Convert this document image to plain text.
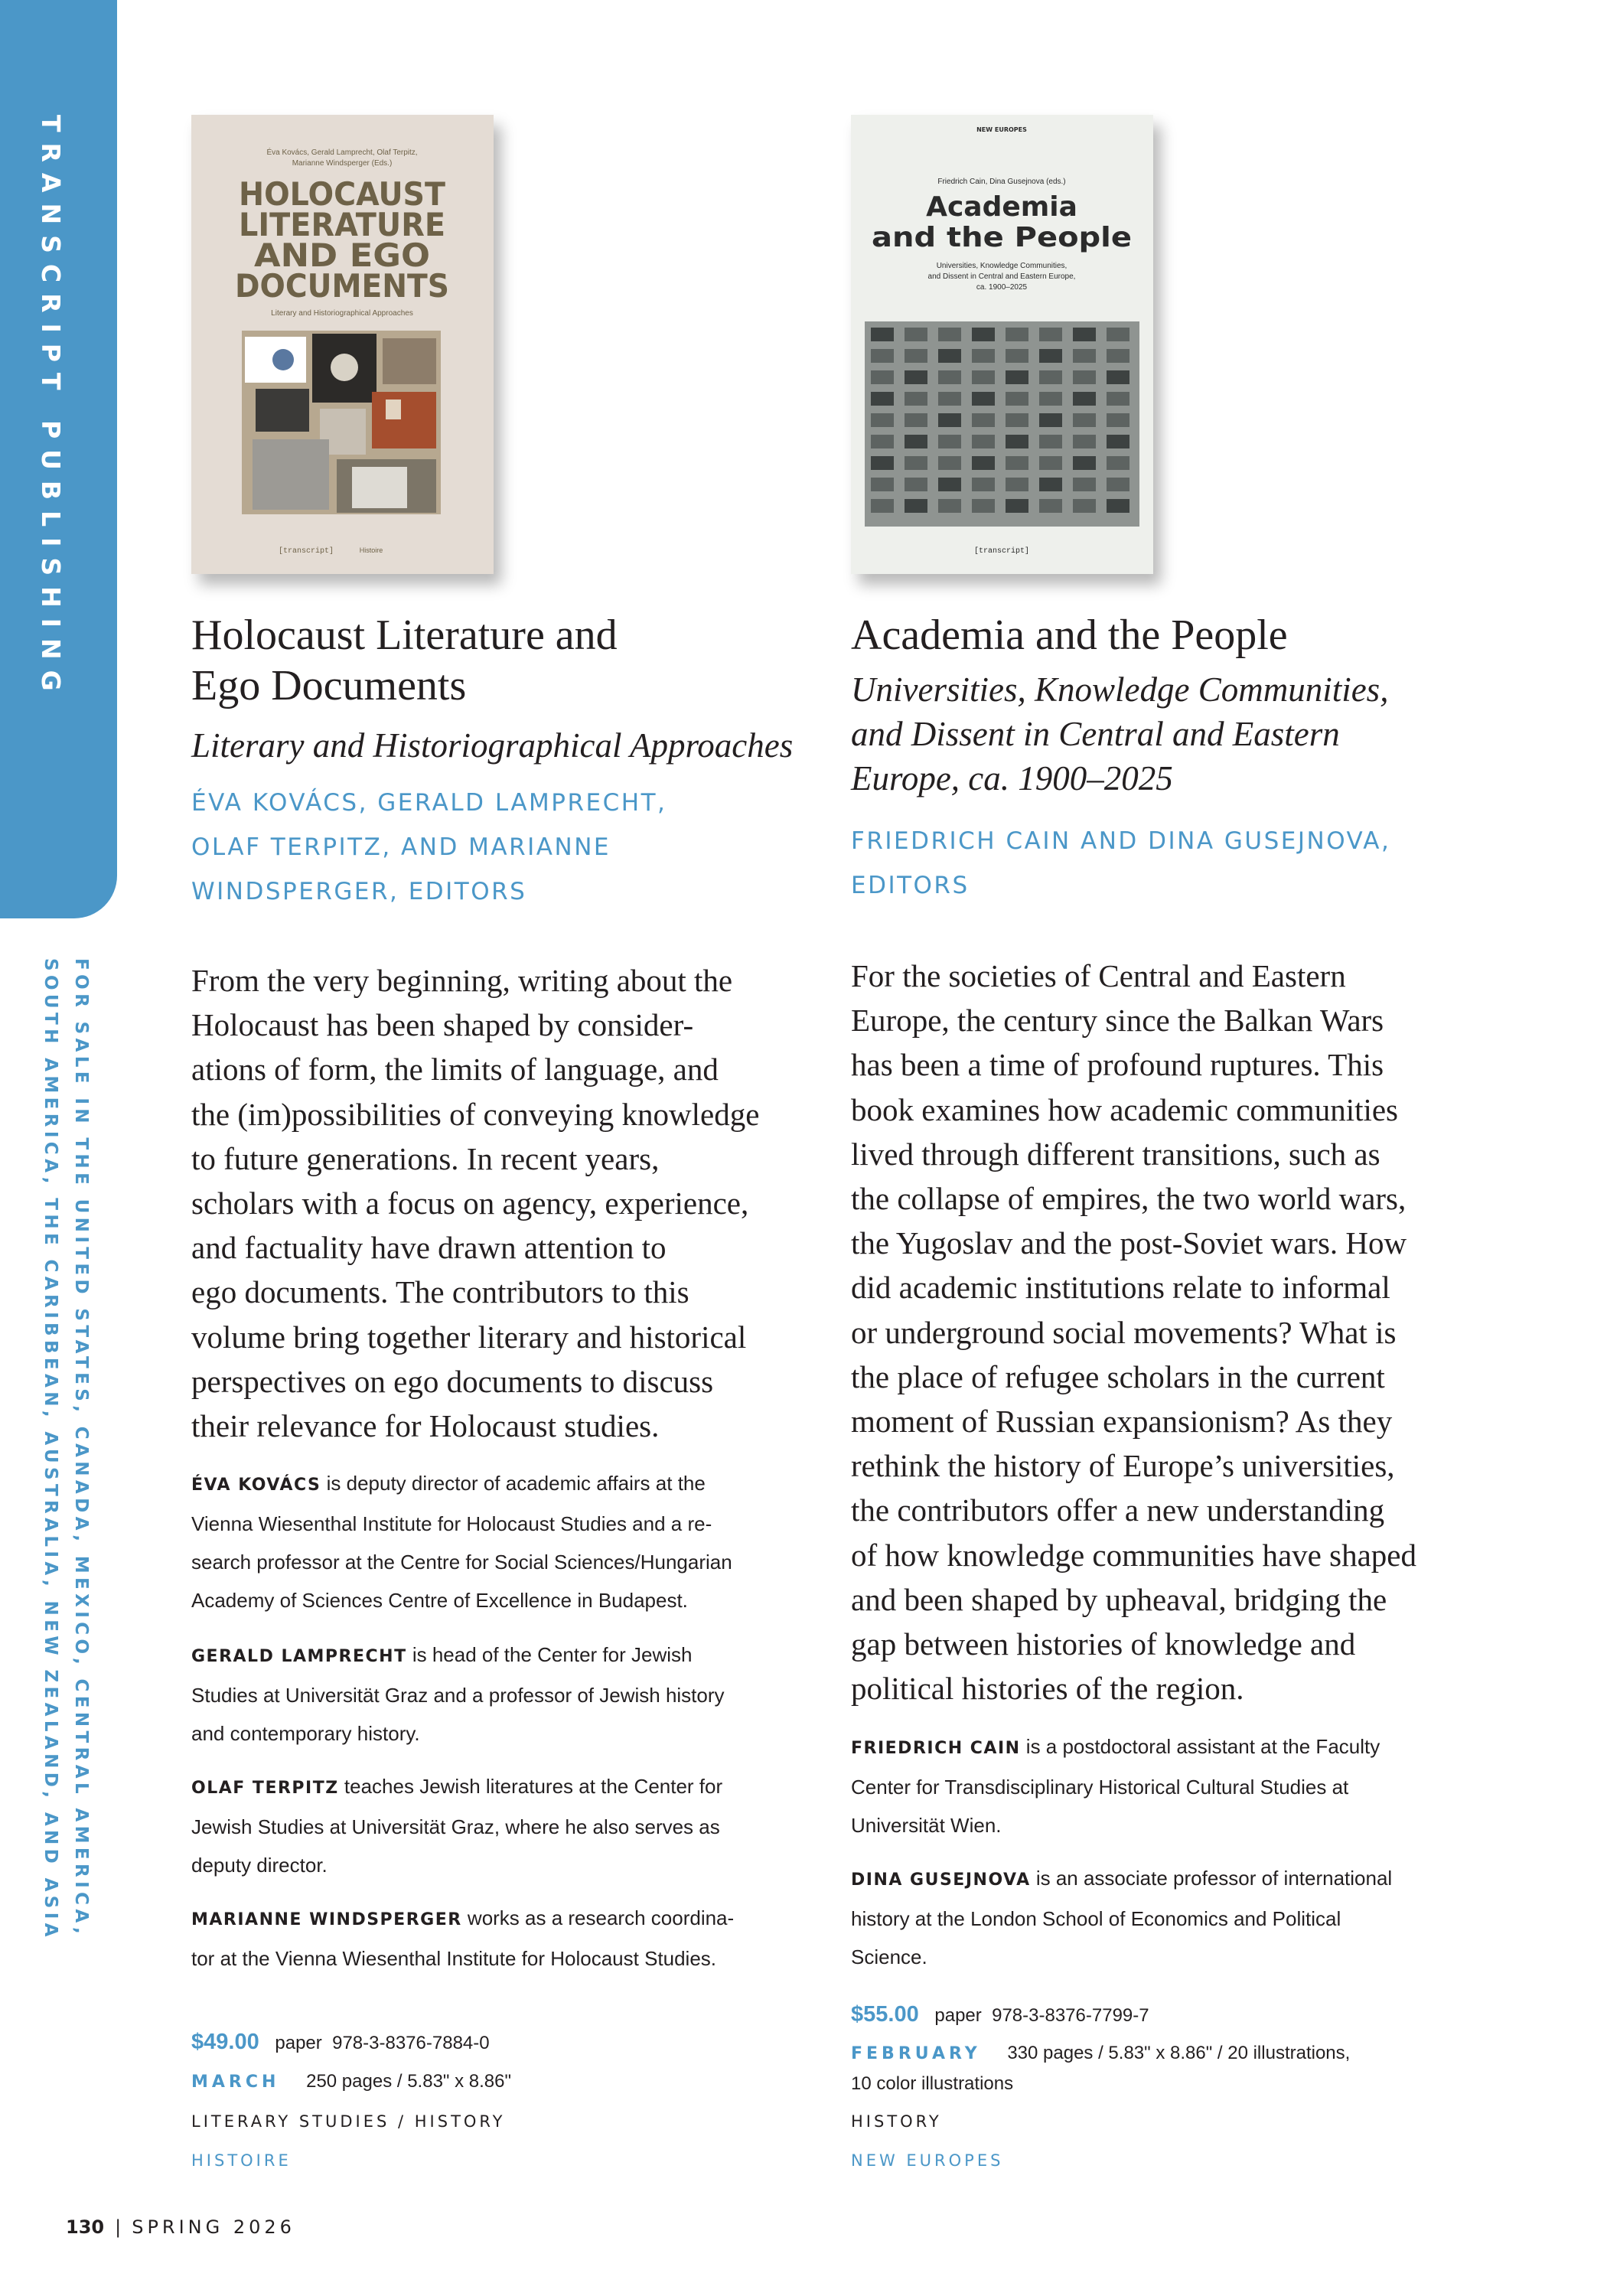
TRANSCRIPT PUBLISHING
FOR SALE IN THE UNITED STATES, CANADA, MEXICO, CENTRAL AMERICA,
SOUTH AMERICA, THE CARIBBEAN, AUSTRALIA, NEW ZEALAND, AND ASIA
Éva Kovács, Gerald Lamprecht, Olaf Terpitz,
Marianne Windsperger (Eds.)
HOLOCAUST
LITERATURE
AND EGO
DOCUMENTS
Literary and Historiographical Approaches
[transcript]	Histoire
Holocaust Literature and
Ego Documents
Literary and Historiographical Approaches
ÉVA KOVÁCS, GERALD LAMPRECHT,
OLAF TERPITZ, AND MARIANNE
WINDSPERGER, EDITORS
From the very beginning, writing about the
Holocaust has been shaped by consider-
ations of form, the limits of language, and
the (im)possibilities of conveying knowledge
to future generations. In recent years,
scholars with a focus on agency, experience,
and factuality have drawn attention to
ego documents. The contributors to this
volume bring together literary and historical
perspectives on ego documents to discuss
their relevance for Holocaust studies.
ÉVA KOVÁCS is deputy director of academic affairs at the
Vienna Wiesenthal Institute for Holocaust Studies and a re-
search professor at the Centre for Social Sciences/Hungarian
Academy of Sciences Centre of Excellence in Budapest.
GERALD LAMPRECHT is head of the Center for Jewish
Studies at Universität Graz and a professor of Jewish history
and contemporary history.
OLAF TERPITZ teaches Jewish literatures at the Center for
Jewish Studies at Universität Graz, where he also serves as
deputy director.
MARIANNE WINDSPERGER works as a research coordina-
tor at the Vienna Wiesenthal Institute for Holocaust Studies.
$49.00 paper 978-3-8376-7884-0
MARCH 250 pages / 5.83" x 8.86"
LITERARY STUDIES / HISTORY
HISTOIRE
NEW EUROPES
Friedrich Cain, Dina Gusejnova (eds.)
Academia
and the People
Universities, Knowledge Communities,
and Dissent in Central and Eastern Europe,
ca. 1900–2025
[transcript]
Academia and the People
Universities, Knowledge Communities,
and Dissent in Central and Eastern
Europe, ca. 1900–2025
FRIEDRICH CAIN AND DINA GUSEJNOVA,
EDITORS
For the societies of Central and Eastern
Europe, the century since the Balkan Wars
has been a time of profound ruptures. This
book examines how academic communities
lived through different transitions, such as
the collapse of empires, the two world wars,
the Yugoslav and the post-Soviet wars. How
did academic institutions relate to informal
or underground social movements? What is
the place of refugee scholars in the current
moment of Russian expansionism? As they
rethink the history of Europe’s universities,
the contributors offer a new understanding
of how knowledge communities have shaped
and been shaped by upheaval, bridging the
gap between histories of knowledge and
political histories of the region.
FRIEDRICH CAIN is a postdoctoral assistant at the Faculty
Center for Transdisciplinary Historical Cultural Studies at
Universität Wien.
DINA GUSEJNOVA is an associate professor of international
history at the London School of Economics and Political
Science.
$55.00 paper 978-3-8376-7799-7
FEBRUARY 330 pages / 5.83" x 8.86" / 20 illustrations,
10 color illustrations
HISTORY
NEW EUROPES
130 | SPRING 2026
